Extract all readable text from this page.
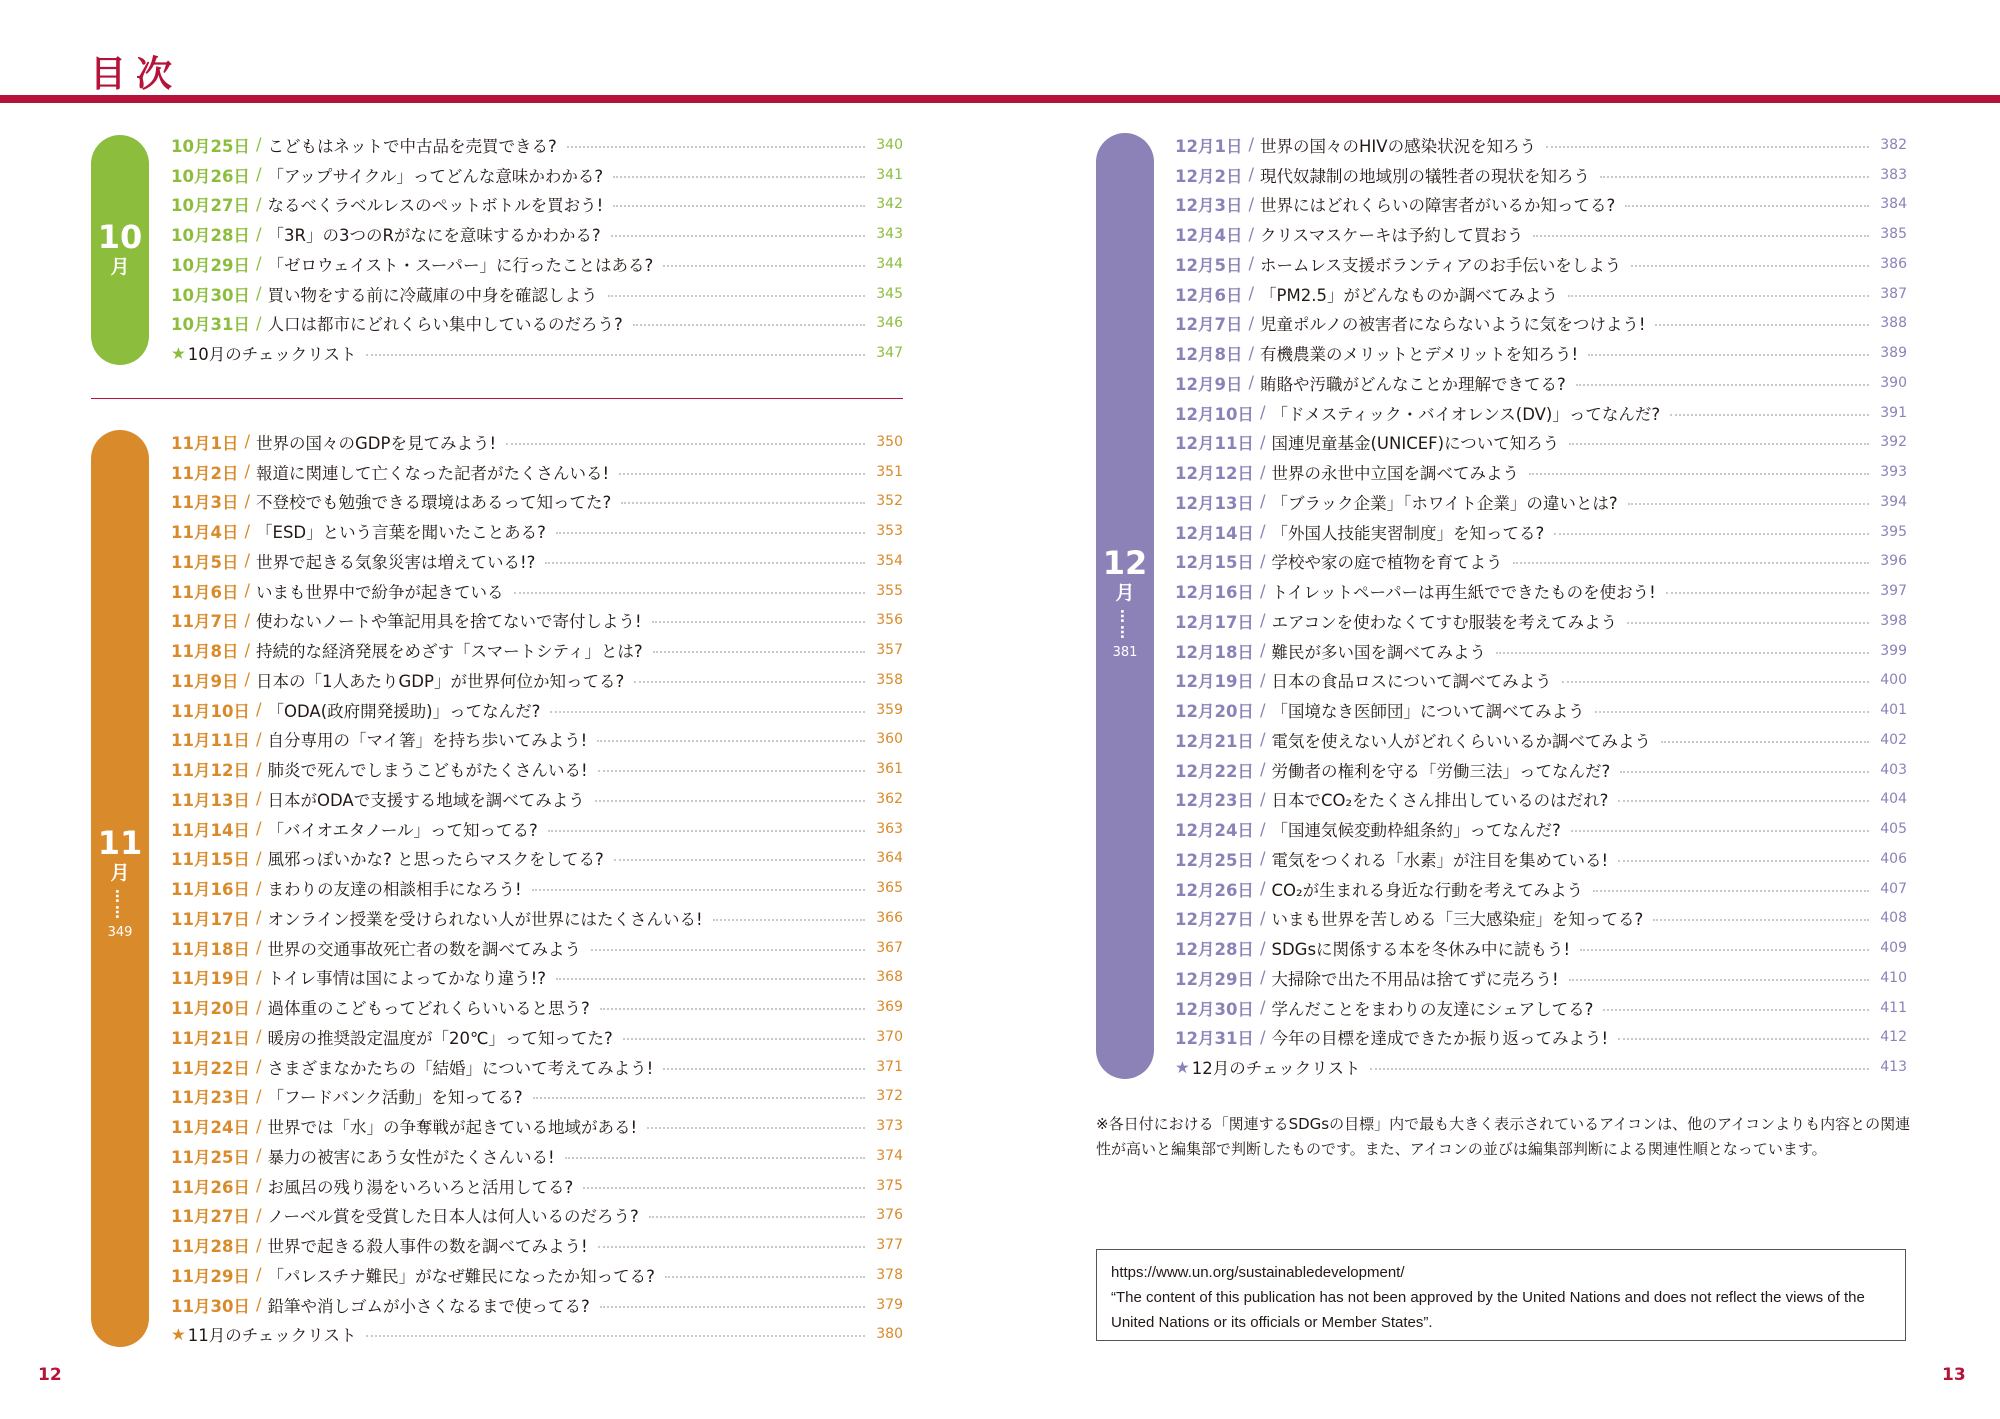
目次
10
月
10月25日 / こどもはネットで中古品を売買できる?	340
10月26日 / 「アップサイクル」ってどんな意味かわかる?	341
10月27日 / なるべくラベルレスのペットボトルを買おう!	342
10月28日 / 「3R」の3つのRがなにを意味するかわかる?	343
10月29日 / 「ゼロウェイスト・スーパー」に行ったことはある?	344
10月30日 / 買い物をする前に冷蔵庫の中身を確認しよう	345
10月31日 / 人口は都市にどれくらい集中しているのだろう?	346
★ 10月のチェックリスト	347
11
月
……
349
11月1日 / 世界の国々のGDPを見てみよう!	350
11月2日 / 報道に関連して亡くなった記者がたくさんいる!	351
11月3日 / 不登校でも勉強できる環境はあるって知ってた?	352
11月4日 / 「ESD」という言葉を聞いたことある?	353
11月5日 / 世界で起きる気象災害は増えている!?	354
11月6日 / いまも世界中で紛争が起きている	355
11月7日 / 使わないノートや筆記用具を捨てないで寄付しよう!	356
11月8日 / 持続的な経済発展をめざす「スマートシティ」とは?	357
11月9日 / 日本の「1人あたりGDP」が世界何位か知ってる?	358
11月10日 / 「ODA(政府開発援助)」ってなんだ?	359
11月11日 / 自分専用の「マイ箸」を持ち歩いてみよう!	360
11月12日 / 肺炎で死んでしまうこどもがたくさんいる!	361
11月13日 / 日本がODAで支援する地域を調べてみよう	362
11月14日 / 「バイオエタノール」って知ってる?	363
11月15日 / 風邪っぽいかな? と思ったらマスクをしてる?	364
11月16日 / まわりの友達の相談相手になろう!	365
11月17日 / オンライン授業を受けられない人が世界にはたくさんいる!	366
11月18日 / 世界の交通事故死亡者の数を調べてみよう	367
11月19日 / トイレ事情は国によってかなり違う!?	368
11月20日 / 過体重のこどもってどれくらいいると思う?	369
11月21日 / 暖房の推奨設定温度が「20℃」って知ってた?	370
11月22日 / さまざまなかたちの「結婚」について考えてみよう!	371
11月23日 / 「フードバンク活動」を知ってる?	372
11月24日 / 世界では「水」の争奪戦が起きている地域がある!	373
11月25日 / 暴力の被害にあう女性がたくさんいる!	374
11月26日 / お風呂の残り湯をいろいろと活用してる?	375
11月27日 / ノーベル賞を受賞した日本人は何人いるのだろう?	376
11月28日 / 世界で起きる殺人事件の数を調べてみよう!	377
11月29日 / 「パレスチナ難民」がなぜ難民になったか知ってる?	378
11月30日 / 鉛筆や消しゴムが小さくなるまで使ってる?	379
★ 11月のチェックリスト	380
12
月
……
381
12月1日 / 世界の国々のHIVの感染状況を知ろう	382
12月2日 / 現代奴隷制の地域別の犠牲者の現状を知ろう	383
12月3日 / 世界にはどれくらいの障害者がいるか知ってる?	384
12月4日 / クリスマスケーキは予約して買おう	385
12月5日 / ホームレス支援ボランティアのお手伝いをしよう	386
12月6日 / 「PM2.5」がどんなものか調べてみよう	387
12月7日 / 児童ポルノの被害者にならないように気をつけよう!	388
12月8日 / 有機農業のメリットとデメリットを知ろう!	389
12月9日 / 賄賂や汚職がどんなことか理解できてる?	390
12月10日 / 「ドメスティック・バイオレンス(DV)」ってなんだ?	391
12月11日 / 国連児童基金(UNICEF)について知ろう	392
12月12日 / 世界の永世中立国を調べてみよう	393
12月13日 / 「ブラック企業」「ホワイト企業」の違いとは?	394
12月14日 / 「外国人技能実習制度」を知ってる?	395
12月15日 / 学校や家の庭で植物を育てよう	396
12月16日 / トイレットペーパーは再生紙でできたものを使おう!	397
12月17日 / エアコンを使わなくてすむ服装を考えてみよう	398
12月18日 / 難民が多い国を調べてみよう	399
12月19日 / 日本の食品ロスについて調べてみよう	400
12月20日 / 「国境なき医師団」について調べてみよう	401
12月21日 / 電気を使えない人がどれくらいいるか調べてみよう	402
12月22日 / 労働者の権利を守る「労働三法」ってなんだ?	403
12月23日 / 日本でCO₂をたくさん排出しているのはだれ?	404
12月24日 / 「国連気候変動枠組条約」ってなんだ?	405
12月25日 / 電気をつくれる「水素」が注目を集めている!	406
12月26日 / CO₂が生まれる身近な行動を考えてみよう	407
12月27日 / いまも世界を苦しめる「三大感染症」を知ってる?	408
12月28日 / SDGsに関係する本を冬休み中に読もう!	409
12月29日 / 大掃除で出た不用品は捨てずに売ろう!	410
12月30日 / 学んだことをまわりの友達にシェアしてる?	411
12月31日 / 今年の目標を達成できたか振り返ってみよう!	412
★ 12月のチェックリスト	413
※各日付における「関連するSDGsの目標」内で最も大きく表示されているアイコンは、他のアイコンよりも内容との関連性が高いと編集部で判断したものです。また、アイコンの並びは編集部判断による関連性順となっています。
https://www.un.org/sustainabledevelopment/
“The content of this publication has not been approved by the United Nations and does not reflect the views of the United Nations or its officials or Member States”.
12	13
